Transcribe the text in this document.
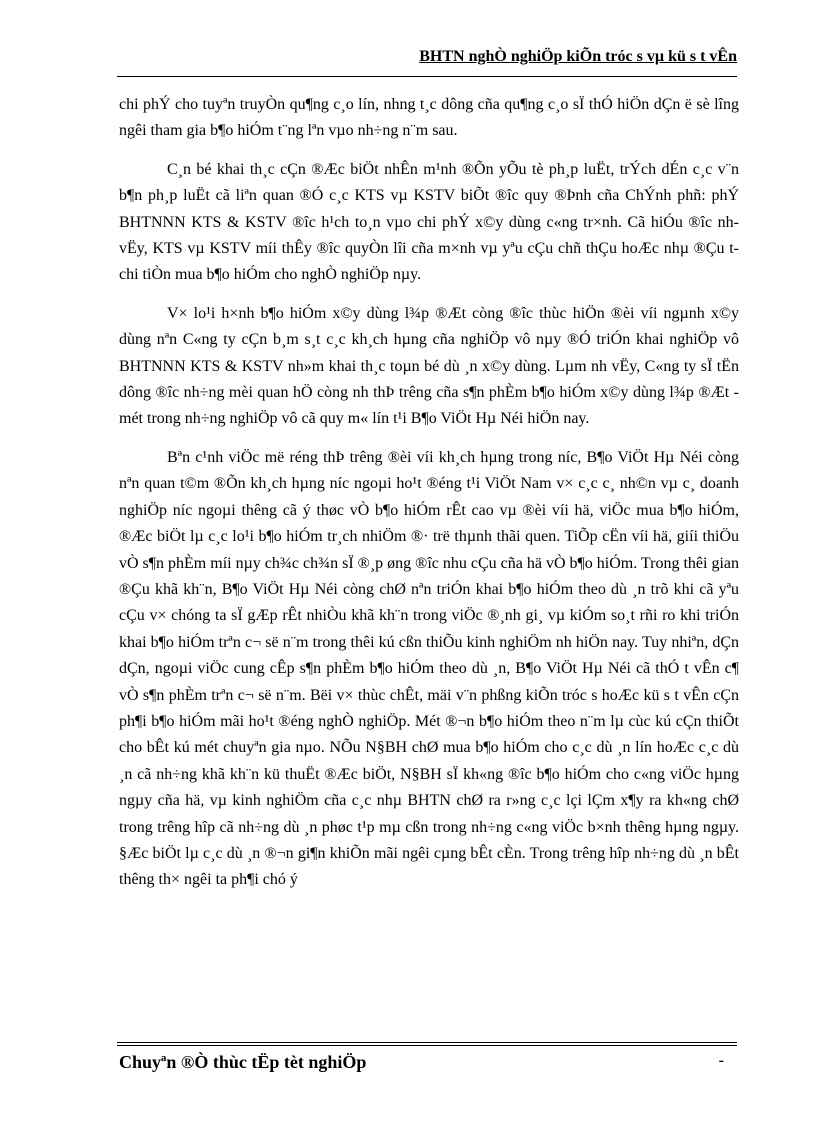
BHTN nghÒ nghiÖp kiÕn tróc s vµ kü s t vÊn

chi phÝ cho tuyªn truyÒn qu¶ng c¸o lín, nhng t¸c dông cña qu¶ng c¸o sÏ thÓ hiÖn dÇn ë sè lîng ngêi tham gia b¶o hiÓm t¨ng lªn vµo nh÷ng n¨m sau.

C¸n bé khai th¸c cÇn ®Æc biÖt nhÊn m¹nh ®Õn yÕu tè ph¸p luËt, trÝch dÉn c¸c v¨n b¶n ph¸p luËt cã liªn quan ®Ó c¸c KTS vµ KSTV biÕt ®îc quy ®Þnh cña ChÝnh phñ: phÝ BHTNNN KTS & KSTV ®îc h¹ch to¸n vµo chi phÝ x©y dùng c«ng tr×nh. Cã hiÓu ®îc nh vËy, KTS vµ KSTV míi thÊy ®îc quyÒn lîi cña m×nh vµ yªu cÇu chñ thÇu hoÆc nhµ ®Çu t chi tiÒn mua b¶o hiÓm cho nghÒ nghiÖp nµy.

V× lo¹i h×nh b¶o hiÓm x©y dùng l¾p ®Æt còng ®îc thùc hiÖn ®èi víi ngµnh x©y dùng nªn C«ng ty cÇn b¸m s¸t c¸c kh¸ch hµng cña nghiÖp vô nµy ®Ó triÓn khai nghiÖp vô BHTNNN KTS & KSTV nh»m khai th¸c toµn bé dù ¸n x©y dùng. Lµm nh vËy, C«ng ty sÏ tËn dông ®îc nh÷ng mèi quan hÖ còng nh thÞ trêng cña s¶n phÈm b¶o hiÓm x©y dùng l¾p ®Æt - mét trong nh÷ng nghiÖp vô cã quy m« lín t¹i B¶o ViÖt Hµ Néi hiÖn nay.

Bªn c¹nh viÖc më réng thÞ trêng ®èi víi kh¸ch hµng trong níc, B¶o ViÖt Hµ Néi còng nªn quan t©m ®Õn kh¸ch hµng níc ngoµi ho¹t ®éng t¹i ViÖt Nam v× c¸c c¸ nh©n vµ c¸ doanh nghiÖp níc ngoµi thêng cã ý thøc vÒ b¶o hiÓm rÊt cao vµ ®èi víi hä, viÖc mua b¶o hiÓm, ®Æc biÖt lµ c¸c lo¹i b¶o hiÓm tr¸ch nhiÖm ®· trë thµnh thãi quen. TiÕp cËn víi hä, giíi thiÖu vÒ s¶n phÈm míi nµy ch¾c ch¾n sÏ ®¸p øng ®îc nhu cÇu cña hä vÒ b¶o hiÓm. Trong thêi gian ®Çu khã kh¨n, B¶o ViÖt Hµ Néi còng chØ nªn triÓn khai b¶o hiÓm theo dù ¸n trõ khi cã yªu cÇu v× chóng ta sÏ gÆp rÊt nhiÒu khã kh¨n trong viÖc ®¸nh gi¸ vµ kiÓm so¸t rñi ro khi triÓn khai b¶o hiÓm trªn c¬ së n¨m trong thêi kú cßn thiÕu kinh nghiÖm nh hiÖn nay. Tuy nhiªn, dÇn dÇn, ngoµi viÖc cung cÊp s¶n phÈm b¶o hiÓm theo dù ¸n, B¶o ViÖt Hµ Néi cã thÓ t vÊn c¶ vÒ s¶n phÈm trªn c¬ së n¨m. Bëi v× thùc chÊt, mäi v¨n phßng kiÕn tróc s hoÆc kü s t vÊn cÇn ph¶i b¶o hiÓm mãi ho¹t ®éng nghÒ nghiÖp. Mét ®¬n b¶o hiÓm theo n¨m lµ cùc kú cÇn thiÕt cho bÊt kú mét chuyªn gia nµo. NÕu N§BH chØ mua b¶o hiÓm cho c¸c dù ¸n lín hoÆc c¸c dù ¸n cã nh÷ng khã kh¨n kü thuËt ®Æc biÖt, N§BH sÏ kh«ng ®îc b¶o hiÓm cho c«ng viÖc hµng ngµy cña hä, vµ kinh nghiÖm cña c¸c nhµ BHTN chØ ra r»ng c¸c lçi lÇm x¶y ra kh«ng chØ trong trêng hîp cã nh÷ng dù ¸n phøc t¹p mµ cßn trong nh÷ng c«ng viÖc b×nh thêng hµng ngµy. §Æc biÖt lµ c¸c dù ¸n ®¬n gi¶n khiÕn mãi ngêi cµng bÊt cÈn. Trong trêng hîp nh÷ng dù ¸n bÊt thêng th× ngêi ta ph¶i chó ý

Chuyªn ®Ò thùc tËp tèt nghiÖp	-
